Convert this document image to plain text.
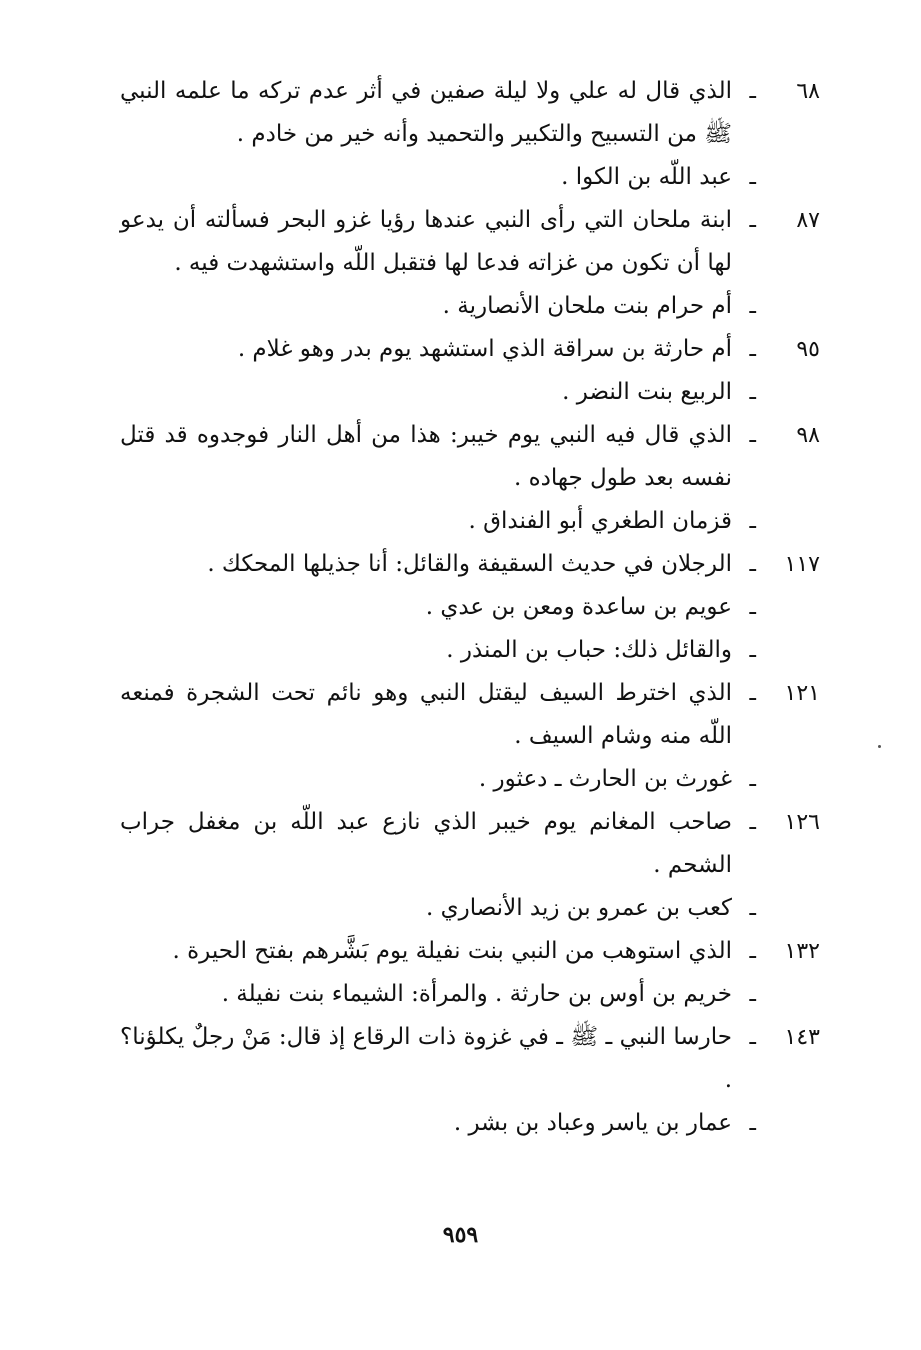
٦٨
ـ
الذي قال له علي ولا ليلة صفين في أثر عدم تركه ما علمه النبي ﷺ من التسبيح والتكبير والتحميد وأنه خير من خادم .
ـ
عبد اللّه بن الكوا .
٨٧
ـ
ابنة ملحان التي رأى النبي عندها رؤيا غزو البحر فسألته أن يدعو لها أن تكون من غزاته فدعا لها فتقبل اللّه واستشهدت فيه .
ـ
أم حرام بنت ملحان الأنصارية .
٩٥
ـ
أم حارثة بن سراقة الذي استشهد يوم بدر وهو غلام .
ـ
الربيع بنت النضر .
٩٨
ـ
الذي قال فيه النبي يوم خيبر: هذا من أهل النار فوجدوه قد قتل نفسه بعد طول جهاده .
ـ
قزمان الطغري أبو الفنداق .
١١٧
ـ
الرجلان في حديث السقيفة والقائل: أنا جذيلها المحكك .
ـ
عويم بن ساعدة ومعن بن عدي .
ـ
والقائل ذلك: حباب بن المنذر .
١٢١
ـ
الذي اخترط السيف ليقتل النبي وهو نائم تحت الشجرة فمنعه اللّه منه وشام السيف .
ـ
غورث بن الحارث ـ دعثور .
١٢٦
ـ
صاحب المغانم يوم خيبر الذي نازع عبد اللّه بن مغفل جراب الشحم .
ـ
كعب بن عمرو بن زيد الأنصاري .
١٣٢
ـ
الذي استوهب من النبي بنت نفيلة يوم بَشَّرهم بفتح الحيرة .
ـ
خريم بن أوس بن حارثة . والمرأة: الشيماء بنت نفيلة .
١٤٣
ـ
حارسا النبي ـ ﷺ ـ في غزوة ذات الرقاع إذ قال: مَنْ رجلٌ يكلؤنا؟ .
ـ
عمار بن ياسر وعباد بن بشر .
٩٥٩
